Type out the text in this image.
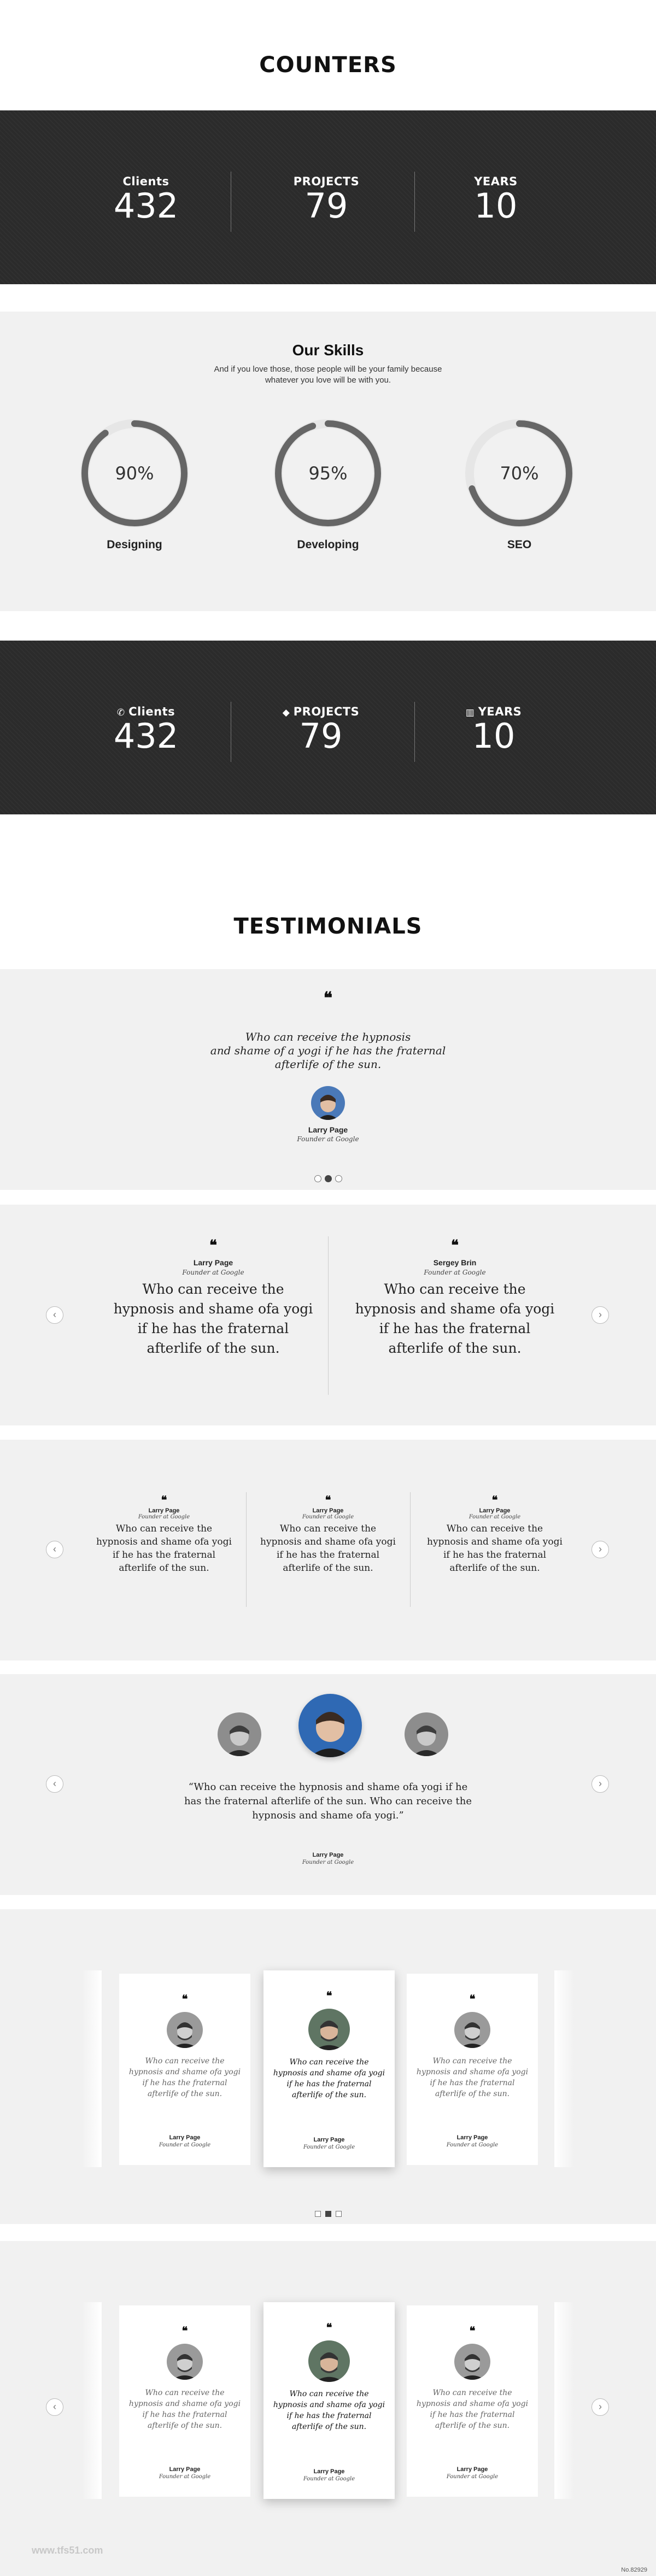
COUNTERS
Clients
432
PROJECTS
79
YEARS
10
Our Skills
And if you love those, those people will be your family because
whatever you love will be with you.
90%
Designing
95%
Developing
70%
SEO
✆ Clients
432
◆ PROJECTS
79
▥ YEARS
10
TESTIMONIALS
❝
Who can receive the hypnosis
and shame of a yogi if he has the fraternal
afterlife of the sun.
Larry Page
Founder at Google
‹	›
❝
Larry Page
Founder at Google
Who can receive the
hypnosis and shame ofa yogi
if he has the fraternal
afterlife of the sun.
❝
Sergey Brin
Founder at Google
Who can receive the
hypnosis and shame ofa yogi
if he has the fraternal
afterlife of the sun.
‹	›
❝
Larry Page
Founder at Google
Who can receive the
hypnosis and shame ofa yogi
if he has the fraternal
afterlife of the sun.
❝
Larry Page
Founder at Google
Who can receive the
hypnosis and shame ofa yogi
if he has the fraternal
afterlife of the sun.
❝
Larry Page
Founder at Google
Who can receive the
hypnosis and shame ofa yogi
if he has the fraternal
afterlife of the sun.
‹	›
“Who can receive the hypnosis and shame ofa yogi if he
has the fraternal afterlife of the sun. Who can receive the
hypnosis and shame ofa yogi.”
Larry Page
Founder at Google
‹	›
www.tfs51.com
No.82929
❝
Who can receive the
hypnosis and shame ofa yogi
if he has the fraternal
afterlife of the sun.
Larry Page
Founder at Google
❝
Who can receive the
hypnosis and shame ofa yogi
if he has the fraternal
afterlife of the sun.
Larry Page
Founder at Google
❝
Who can receive the
hypnosis and shame ofa yogi
if he has the fraternal
afterlife of the sun.
Larry Page
Founder at Google
❝
Who can receive the
hypnosis and shame ofa yogi
if he has the fraternal
afterlife of the sun.
Larry Page
Founder at Google
❝
Who can receive the
hypnosis and shame ofa yogi
if he has the fraternal
afterlife of the sun.
Larry Page
Founder at Google
❝
Who can receive the
hypnosis and shame ofa yogi
if he has the fraternal
afterlife of the sun.
Larry Page
Founder at Google
